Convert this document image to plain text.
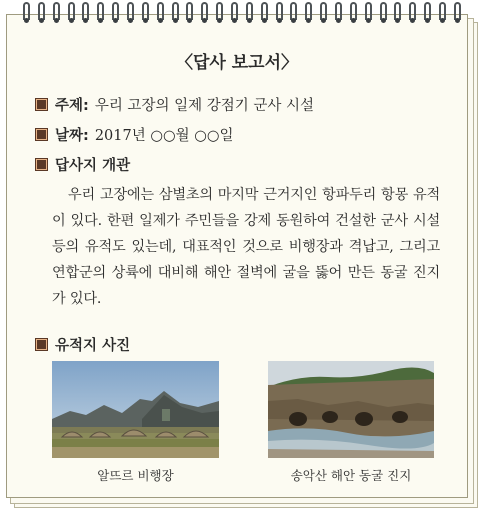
〈답사 보고서〉
주제: 우리 고장의 일제 강점기 군사 시설
날짜: 2017년 ○○월 ○○일
답사지 개관
우리 고장에는 삼별초의 마지막 근거지인 항파두리 항몽 유적이 있다. 한편 일제가 주민들을 강제 동원하여 건설한 군사 시설 등의 유적도 있는데, 대표적인 것으로 비행장과 격납고, 그리고 연합군의 상륙에 대비해 해안 절벽에 굴을 뚫어 만든 동굴 진지가 있다.
유적지 사진
알뜨르 비행장	송악산 해안 동굴 진지
